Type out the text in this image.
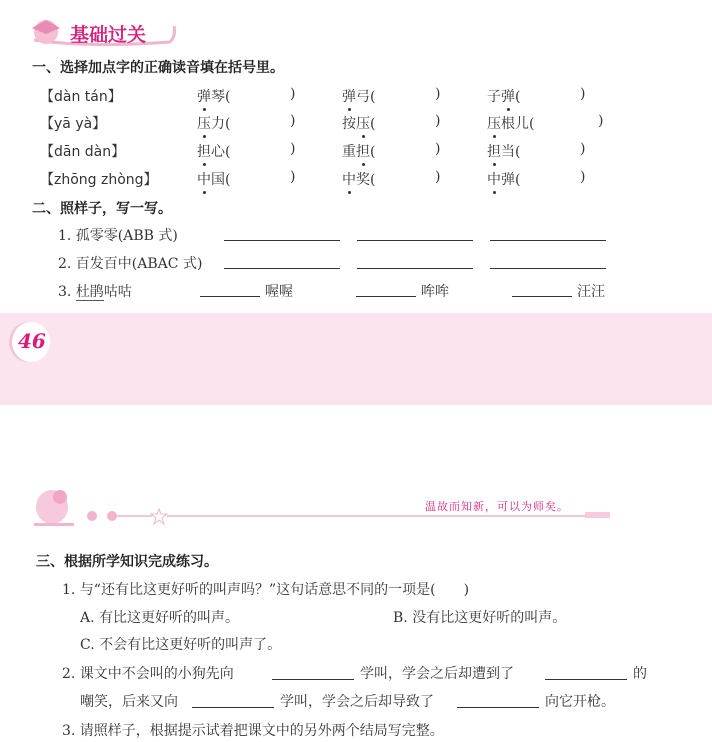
基础过关
一、选择加点字的正确读音填在括号里。
【dàn tán】	弹琴(	)	弹弓(	)	子弹(	)
【yā yà】	压力(	)	按压(	)	压根儿(	)
【dān dàn】	担心(	)	重担(	)	担当(	)
【zhōng zhòng】	中国(	)	中奖(	)	中弹(	)
二、照样子，写一写。
1. 孤零零(ABB 式)
2. 百发百中(ABAC 式)
3. 杜鹃咕咕	喔喔	哞哞	汪汪
46
温故而知新，可以为师矣。
三、根据所学知识完成练习。
1. 与“还有比这更好听的叫声吗？”这句话意思不同的一项是(　　)
A. 有比这更好听的叫声。	B. 没有比这更好听的叫声。
C. 不会有比这更好听的叫声了。
2. 课文中不会叫的小狗先向	学叫，学会之后却遭到了	的
嘲笑，后来又向	学叫，学会之后却导致了	向它开枪。
3. 请照样子，根据提示试着把课文中的另外两个结局写完整。
